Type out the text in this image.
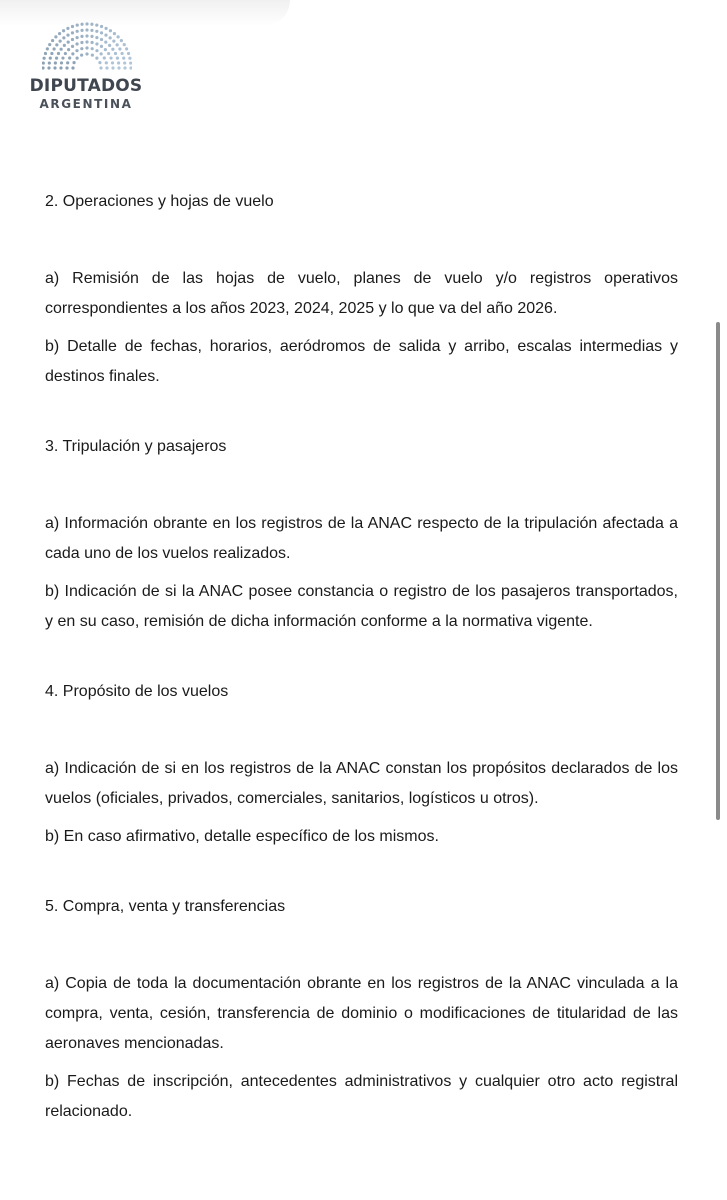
DIPUTADOS
ARGENTINA
2. Operaciones y hojas de vuelo

a) Remisión de las hojas de vuelo, planes de vuelo y/o registros operativos correspondientes a los años 2023, 2024, 2025 y lo que va del año 2026.

b) Detalle de fechas, horarios, aeródromos de salida y arribo, escalas intermedias y destinos finales.

3. Tripulación y pasajeros

a) Información obrante en los registros de la ANAC respecto de la tripulación afectada a cada uno de los vuelos realizados.

b) Indicación de si la ANAC posee constancia o registro de los pasajeros transportados, y en su caso, remisión de dicha información conforme a la normativa vigente.

4. Propósito de los vuelos

a) Indicación de si en los registros de la ANAC constan los propósitos declarados de los vuelos (oficiales, privados, comerciales, sanitarios, logísticos u otros).

b) En caso afirmativo, detalle específico de los mismos.

5. Compra, venta y transferencias

a) Copia de toda la documentación obrante en los registros de la ANAC vinculada a la compra, venta, cesión, transferencia de dominio o modificaciones de titularidad de las aeronaves mencionadas.

b) Fechas de inscripción, antecedentes administrativos y cualquier otro acto registral relacionado.
